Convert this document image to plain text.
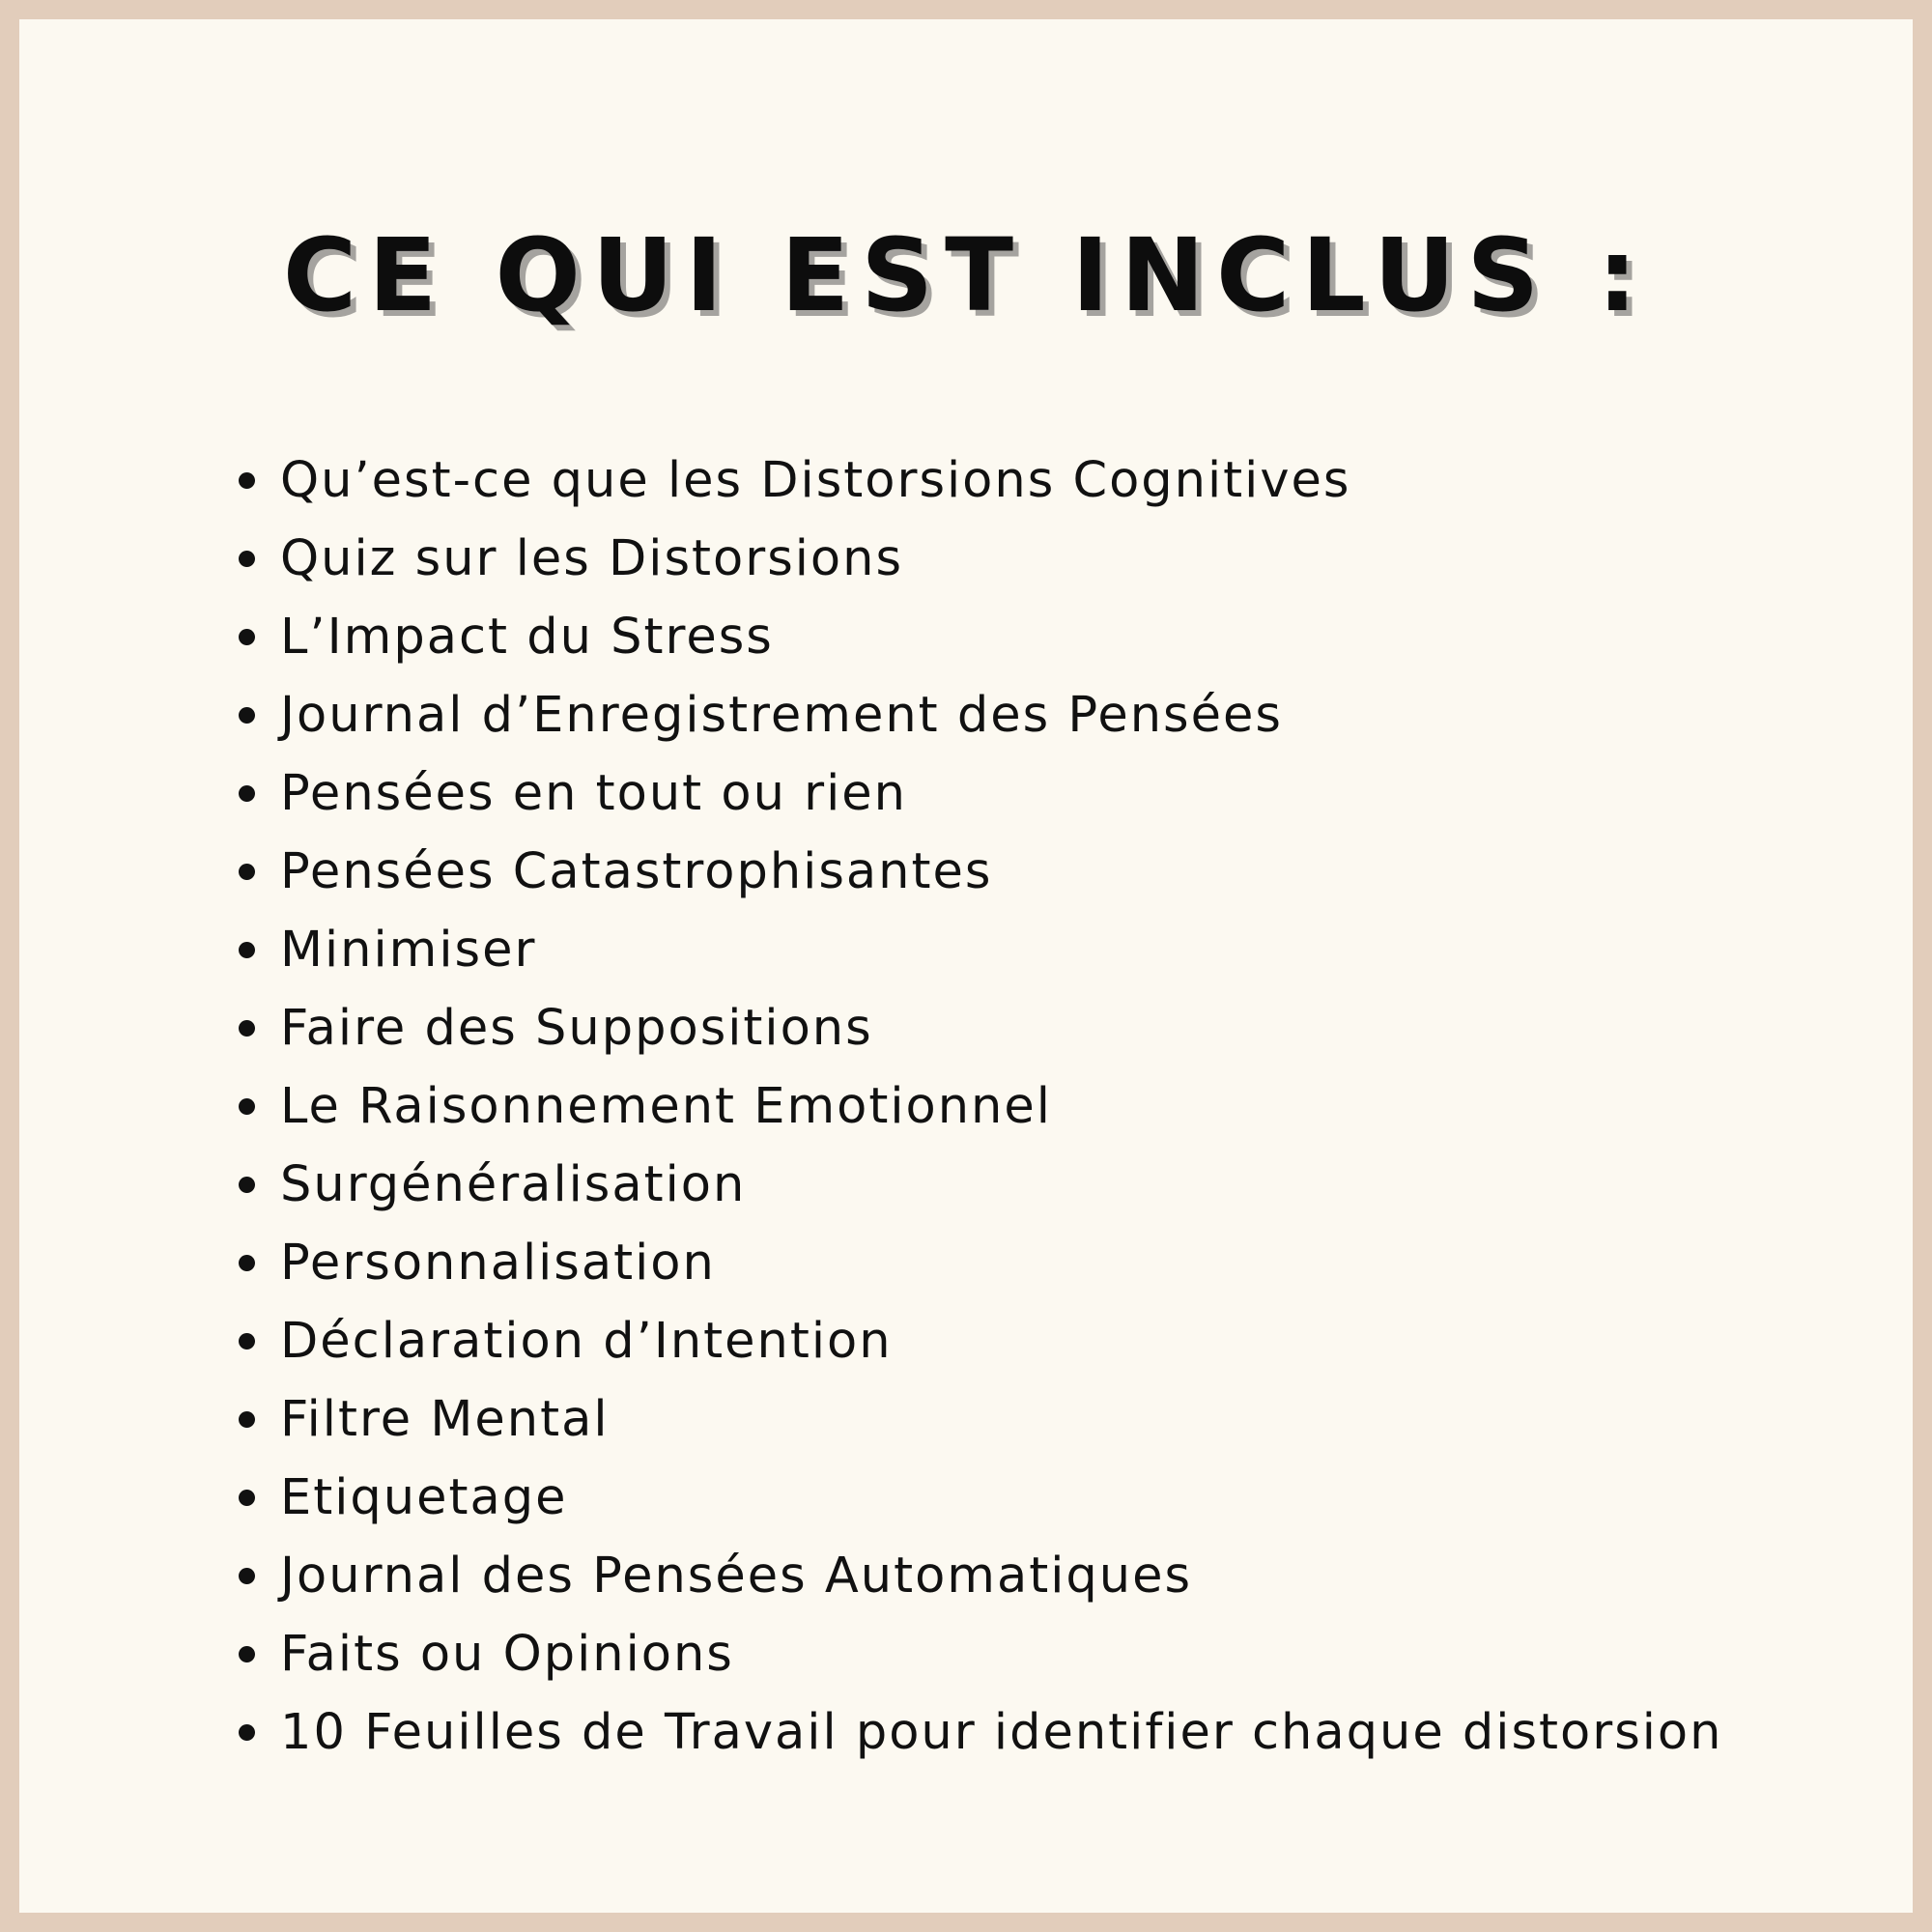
CE QUI EST INCLUS :
Qu’est-ce que les Distorsions Cognitives
Quiz sur les Distorsions
L’Impact du Stress
Journal d’Enregistrement des Pensées
Pensées en tout ou rien
Pensées Catastrophisantes
Minimiser
Faire des Suppositions
Le Raisonnement Emotionnel
Surgénéralisation
Personnalisation
Déclaration d’Intention
Filtre Mental
Etiquetage
Journal des Pensées Automatiques
Faits ou Opinions
10 Feuilles de Travail pour identifier chaque distorsion
